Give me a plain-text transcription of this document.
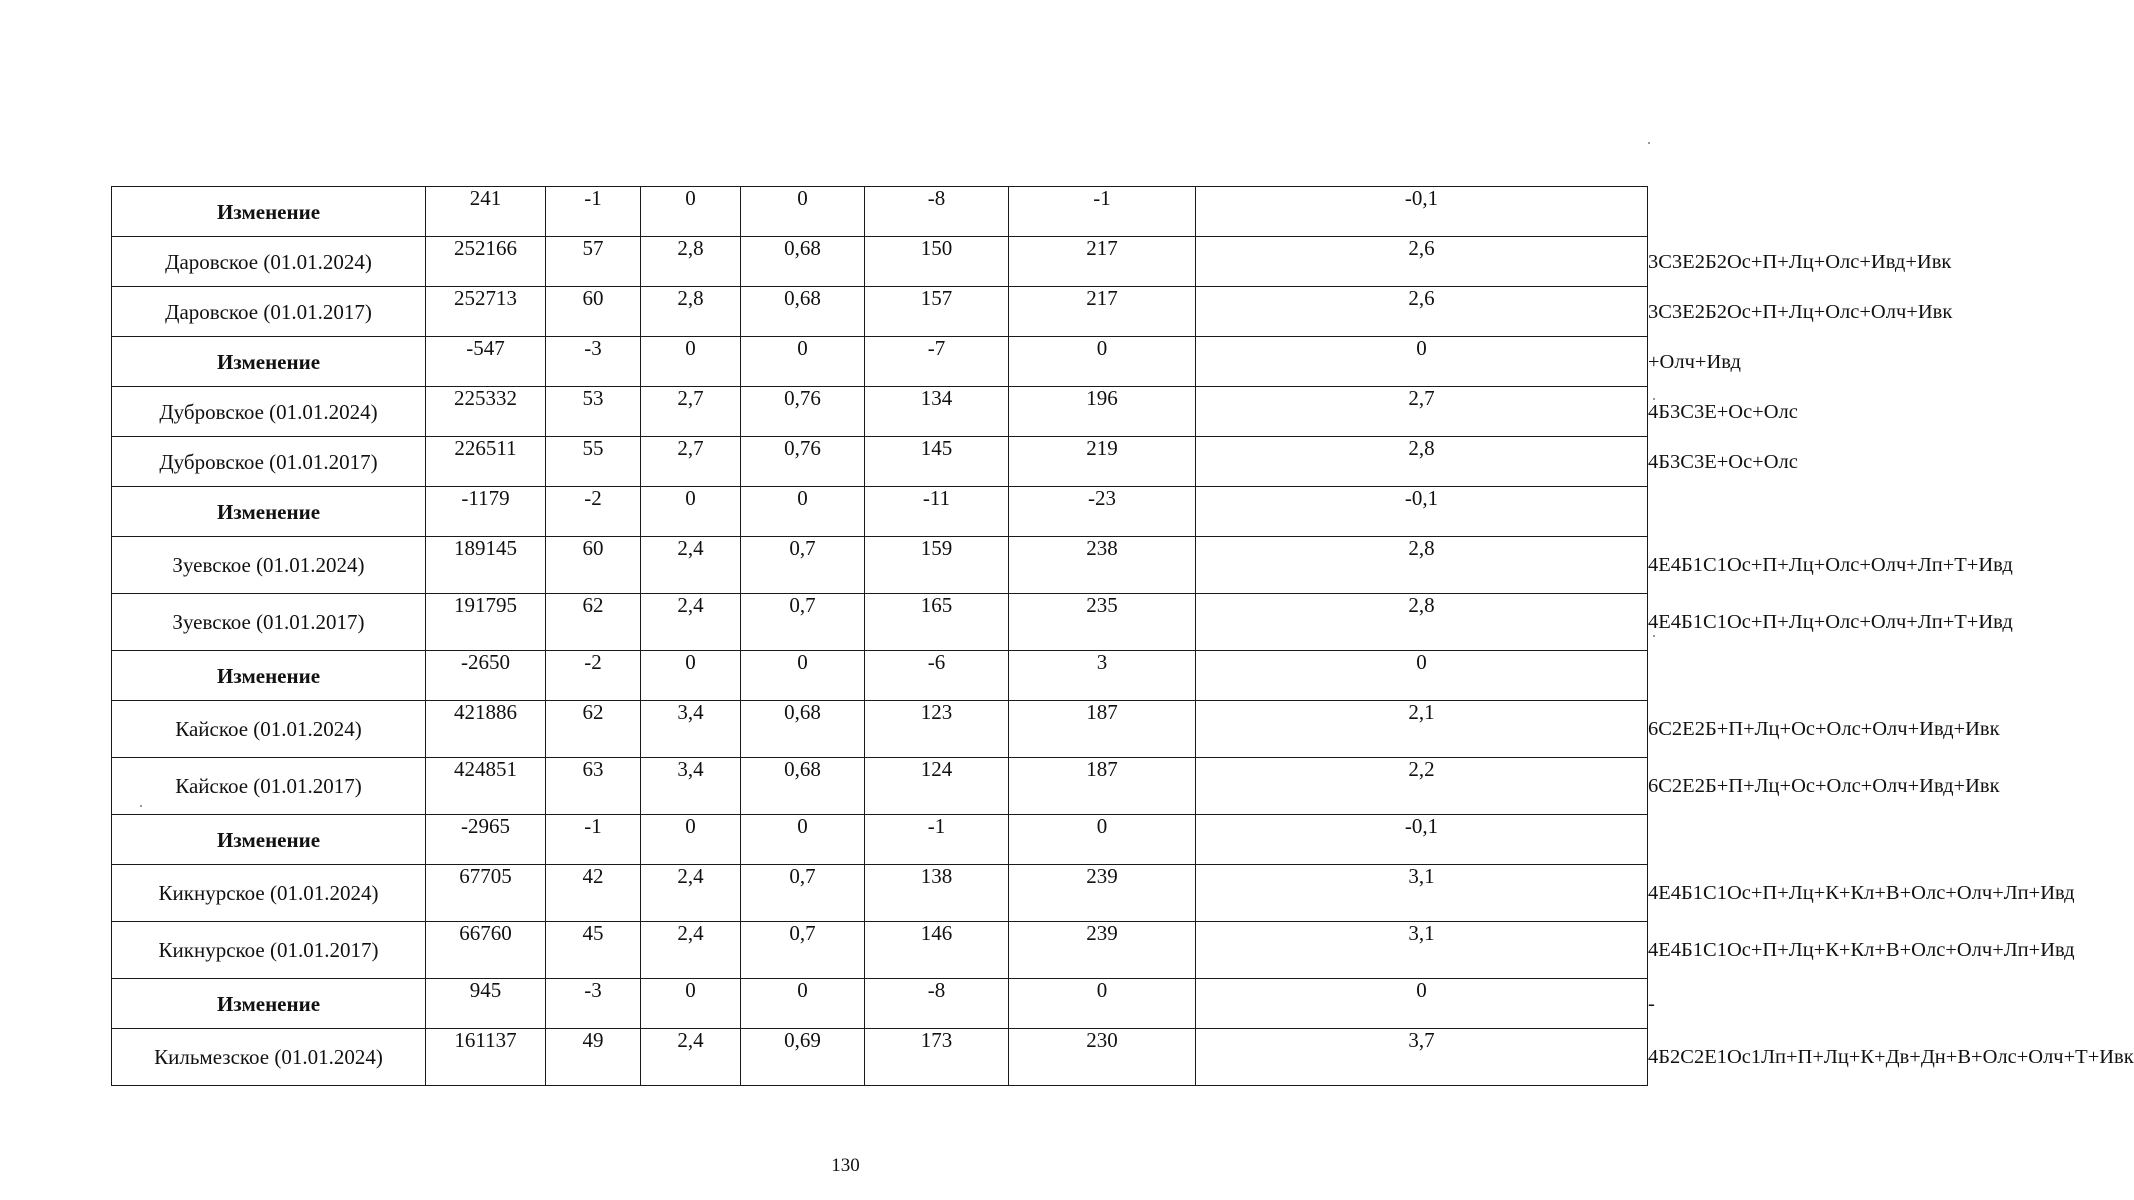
Изменение	241	-1	0	0	-8	-1	-0,1	
Даровское (01.01.2024)	252166	57	2,8	0,68	150	217	2,6	3С3Е2Б2Ос+П+Лц+Олс+Ивд+Ивк
Даровское (01.01.2017)	252713	60	2,8	0,68	157	217	2,6	3С3Е2Б2Ос+П+Лц+Олс+Олч+Ивк
Изменение	-547	-3	0	0	-7	0	0	+Олч+Ивд
Дубровское (01.01.2024)	225332	53	2,7	0,76	134	196	2,7	4Б3С3Е+Ос+Олс
Дубровское (01.01.2017)	226511	55	2,7	0,76	145	219	2,8	4Б3С3Е+Ос+Олс
Изменение	-1179	-2	0	0	-11	-23	-0,1	
Зуевское (01.01.2024)	189145	60	2,4	0,7	159	238	2,8	4Е4Б1С1Ос+П+Лц+Олс+Олч+Лп+Т+Ивд
Зуевское (01.01.2017)	191795	62	2,4	0,7	165	235	2,8	4Е4Б1С1Ос+П+Лц+Олс+Олч+Лп+Т+Ивд
Изменение	-2650	-2	0	0	-6	3	0	
Кайское (01.01.2024)	421886	62	3,4	0,68	123	187	2,1	6С2Е2Б+П+Лц+Ос+Олс+Олч+Ивд+Ивк
Кайское (01.01.2017)	424851	63	3,4	0,68	124	187	2,2	6С2Е2Б+П+Лц+Ос+Олс+Олч+Ивд+Ивк
Изменение	-2965	-1	0	0	-1	0	-0,1	
Кикнурское (01.01.2024)	67705	42	2,4	0,7	138	239	3,1	4Е4Б1С1Ос+П+Лц+К+Кл+В+Олс+Олч+Лп+Ивд
Кикнурское (01.01.2017)	66760	45	2,4	0,7	146	239	3,1	4Е4Б1С1Ос+П+Лц+К+Кл+В+Олс+Олч+Лп+Ивд
Изменение	945	-3	0	0	-8	0	0	-
Кильмезское (01.01.2024)	161137	49	2,4	0,69	173	230	3,7	4Б2С2Е1Ос1Лп+П+Лц+К+Дв+Дн+В+Олс+Олч+Т+Ивк
130
